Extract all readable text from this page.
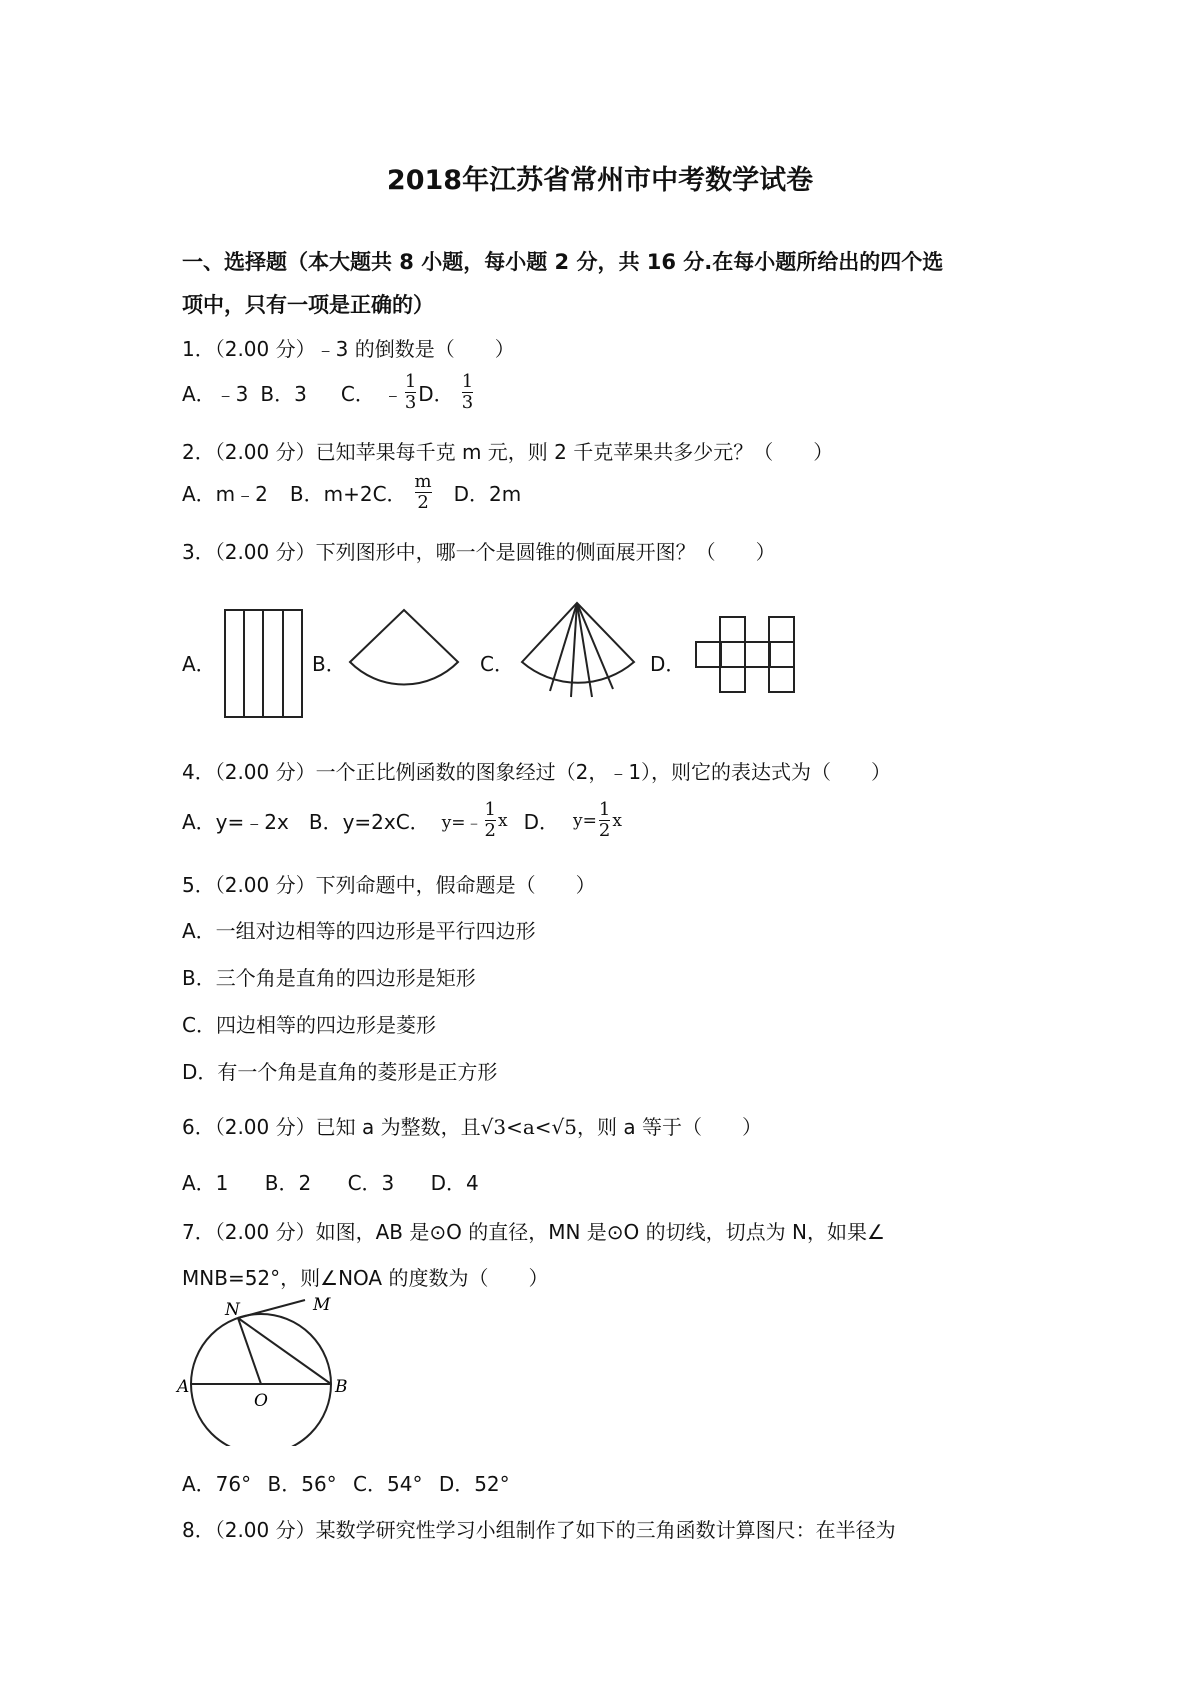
2018年江苏省常州市中考数学试卷
一、选择题（本大题共 8 小题，每小题 2 分，共 16 分.在每小题所给出的四个选
项中，只有一项是正确的）
1．（2.00 分）﹣3 的倒数是（　　）
A．﹣3 B．3 C． ﹣ $\frac{1}{3}$ D． $\frac{1}{3}$
2．（2.00 分）已知苹果每千克 m 元，则 2 千克苹果共多少元？（　　）
A．m﹣2 B．m+2 C． $\frac{m}{2}$ D．2m
3．（2.00 分）下列图形中，哪一个是圆锥的侧面展开图？（　　）
A．	B．	C．	D．
4．（2.00 分）一个正比例函数的图象经过（2，﹣1），则它的表达式为（　　）
A．y=﹣2x B．y=2x C． y=﹣ $\frac{1}{2}$ x D． $y= \frac{1}{2}$ x
5．（2.00 分）下列命题中，假命题是（　　）
A．一组对边相等的四边形是平行四边形
B．三个角是直角的四边形是矩形
C．四边相等的四边形是菱形
D．有一个角是直角的菱形是正方形
6．（2.00 分）已知 a 为整数，且√3<a<√5，则 a 等于（　　）
A．1 B．2 C．3 D．4
7．（2.00 分）如图，AB 是⊙O 的直径，MN 是⊙O 的切线，切点为 N，如果∠
MNB=52°，则∠NOA 的度数为（　　）
N	M
A
O
B
A．76° B．56° C．54° D．52°
8．（2.00 分）某数学研究性学习小组制作了如下的三角函数计算图尺：在半径为
